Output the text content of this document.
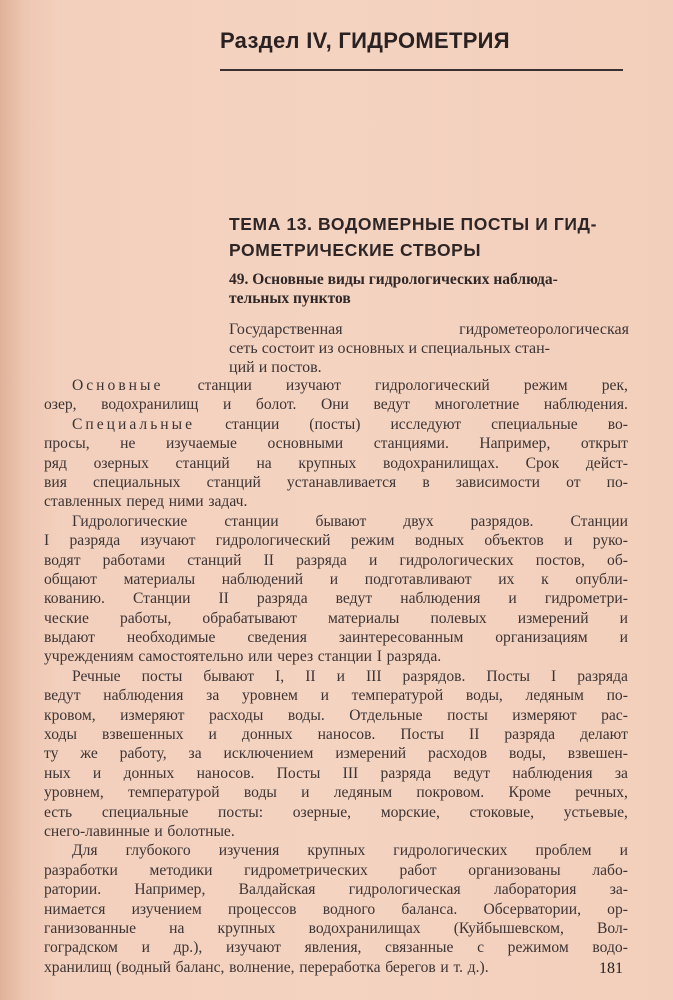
Раздел IV, ГИДРОМЕТРИЯ
ТЕМА 13. ВОДОМЕРНЫЕ ПОСТЫ И ГИД-
РОМЕТРИЧЕСКИЕ СТВОРЫ
49. Основные виды гидрологических наблюда-
тельных пунктов
Государственная	гидрометеорологическая
сеть состоит из основных и специальных стан-
ций и постов.
Основные станции изучают гидрологический режим рек,
озер, водохранилищ и болот. Они ведут многолетние наблюдения.
Специальные станции (посты) исследуют специальные во-
просы, не изучаемые основными станциями. Например, открыт
ряд озерных станций на крупных водохранилищах. Срок дейст-
вия специальных станций устанавливается в зависимости от по-
ставленных перед ними задач.
Гидрологические станции бывают двух разрядов. Станции
I разряда изучают гидрологический режим водных объектов и руко-
водят работами станций II разряда и гидрологических постов, об-
общают материалы наблюдений и подготавливают их к опубли-
кованию. Станции II разряда ведут наблюдения и гидрометри-
ческие работы, обрабатывают материалы полевых измерений и
выдают необходимые сведения заинтересованным организациям и
учреждениям самостоятельно или через станции I разряда.
Речные посты бывают I, II и III разрядов. Посты I разряда
ведут наблюдения за уровнем и температурой воды, ледяным по-
кровом, измеряют расходы воды. Отдельные посты измеряют рас-
ходы взвешенных и донных наносов. Посты II разряда делают
ту же работу, за исключением измерений расходов воды, взвешен-
ных и донных наносов. Посты III разряда ведут наблюдения за
уровнем, температурой воды и ледяным покровом. Кроме речных,
есть специальные посты: озерные, морские, стоковые, устьевые,
снего-лавинные и болотные.
Для глубокого изучения крупных гидрологических проблем и
разработки методики гидрометрических работ организованы лабо-
ратории. Например, Валдайская гидрологическая лаборатория за-
нимается изучением процессов водного баланса. Обсерватории, ор-
ганизованные на крупных водохранилищах (Куйбышевском, Вол-
гоградском и др.), изучают явления, связанные с режимом водо-
хранилищ (водный баланс, волнение, переработка берегов и т. д.).	181
